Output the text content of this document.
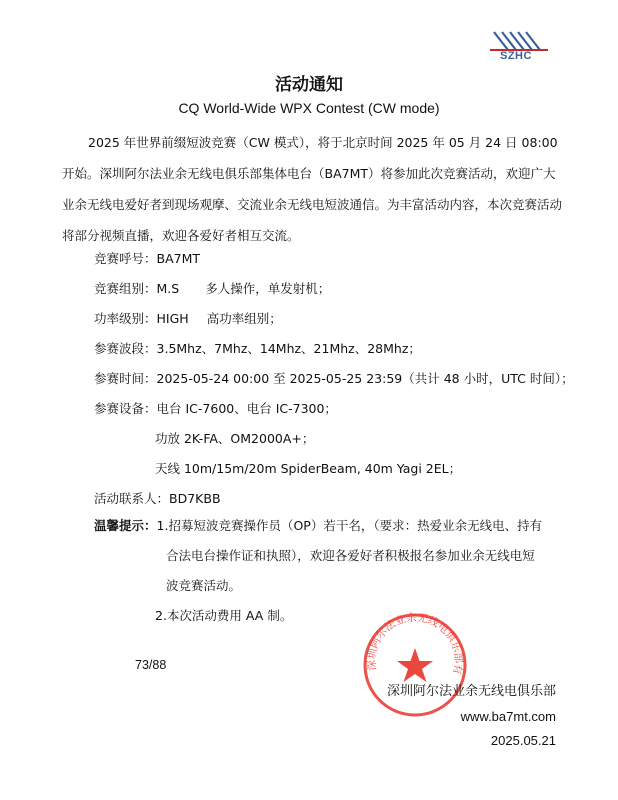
SZHC
活动通知
CQ World-Wide WPX Contest (CW mode)
2025 年世界前缀短波竞赛（CW 模式），将于北京时间 2025 年 05 月 24 日 08:00 开始。深圳阿尔法业余无线电俱乐部集体电台（BA7MT）将参加此次竞赛活动，欢迎广大业余无线电爱好者到现场观摩、交流业余无线电短波通信。为丰富活动内容，本次竞赛活动将部分视频直播，欢迎各爱好者相互交流。
竞赛呼号：BA7MT
竞赛组别：M.S 多人操作，单发射机；
功率级别：HIGH 高功率组别；
参赛波段：3.5Mhz、7Mhz、14Mhz、21Mhz、28Mhz；
参赛时间：2025-05-24 00:00 至 2025-05-25 23:59（共计 48 小时，UTC 时间）；
参赛设备：电台 IC-7600、电台 IC-7300；
功放 2K-FA、OM2000A+；
天线 10m/15m/20m SpiderBeam, 40m Yagi 2EL；
活动联系人：BD7KBB
温馨提示：1.招募短波竞赛操作员（OP）若干名，（要求：热爱业余无线电、持有
合法电台操作证和执照），欢迎各爱好者积极报名参加业余无线电短
波竞赛活动。
2.本次活动费用 AA 制。
73/88	深圳阿尔法业余无线电俱乐部有
深圳阿尔法业余无线电俱乐部
www.ba7mt.com
2025.05.21
